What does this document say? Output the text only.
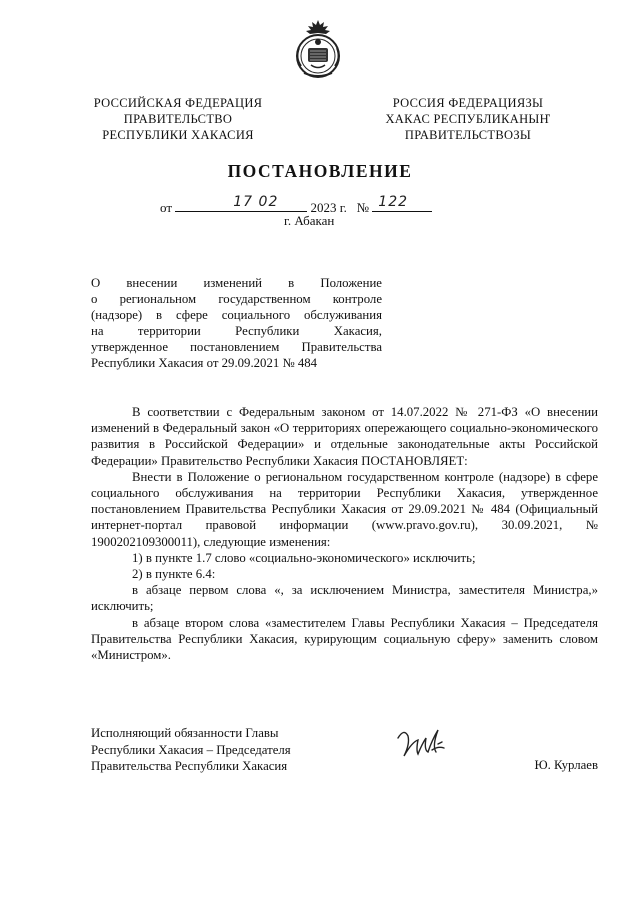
РОССИЙСКАЯ ФЕДЕРАЦИЯ
ПРАВИТЕЛЬСТВО
РЕСПУБЛИКИ ХАКАСИЯ
РОССИЯ ФЕДЕРАЦИЯЗЫ
ХАКАС РЕСПУБЛИКАНЫҤ
ПРАВИТЕЛЬСТВОЗЫ
ПОСТАНОВЛЕНИЕ
от	17 02 2023 г. № 122
г. Абакан
О внесении изменений в Положение
о региональном государственном контроле
(надзоре) в сфере социального обслуживания
на территории Республики Хакасия,
утвержденное постановлением Правительства
Республики Хакасия от 29.09.2021 № 484

В соответствии с Федеральным законом от 14.07.2022 № 271-ФЗ «О внесении изменений в Федеральный закон «О территориях опережающего социально-экономического развития в Российской Федерации» и отдельные законодательные акты Российской Федерации» Правительство Республики Хакасия ПОСТАНОВЛЯЕТ:

Внести в Положение о региональном государственном контроле (надзоре) в сфере социального обслуживания на территории Республики Хакасия, утвержденное постановлением Правительства Республики Хакасия от 29.09.2021 № 484 (Официальный интернет-портал правовой информации (www.pravo.gov.ru), 30.09.2021, № 1900202109300011), следующие изменения:

1) в пункте 1.7 слово «социально-экономического» исключить;

2) в пункте 6.4:

в абзаце первом слова «, за исключением Министра, заместителя Министра,» исключить;

в абзаце втором слова «заместителем Главы Республики Хакасия – Председателя Правительства Республики Хакасия, курирующим социальную сферу» заменить словом «Министром».

Исполняющий обязанности Главы
Республики Хакасия – Председателя
Правительства Республики Хакасия	Ю. Курлаев
